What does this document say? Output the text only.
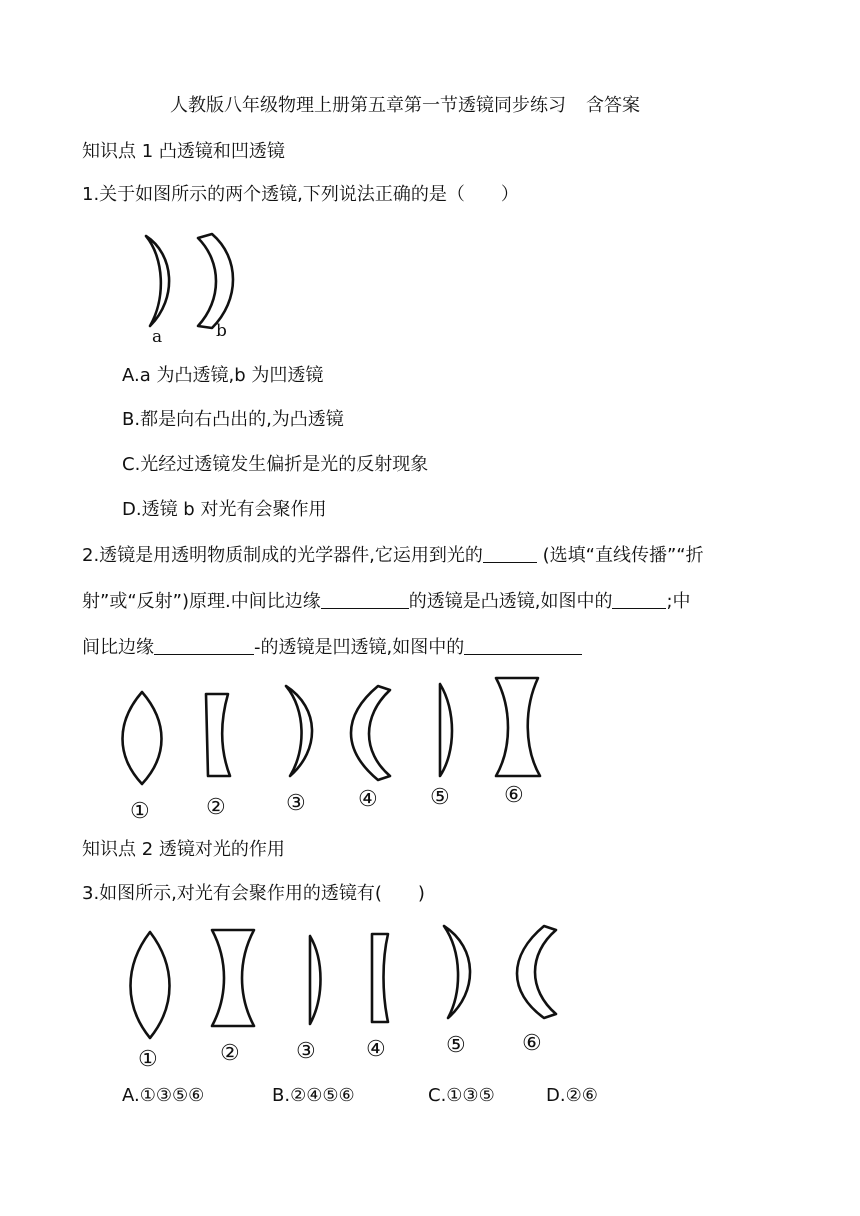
人教版八年级物理上册第五章第一节透镜同步练习 含答案
知识点 1 凸透镜和凹透镜
1.关于如图所示的两个透镜,下列说法正确的是（　　）
a	b
A.a 为凸透镜,b 为凹透镜
B.都是向右凸出的,为凸透镜
C.光经过透镜发生偏折是光的反射现象
D.透镜 b 对光有会聚作用
2.透镜是用透明物质制成的光学器件,它运用到光的	(选填“直线传播”“折
射”或“反射”)原理.中间比边缘	的透镜是凸透镜,如图中的	;中
间比边缘	-的透镜是凹透镜,如图中的
①	②	③ ④ ⑤ ⑥
知识点 2 透镜对光的作用
3.如图所示,对光有会聚作用的透镜有(　　)
①	②	③ ④	⑤	⑥
A.①③⑤⑥	B.②④⑤⑥	C.①③⑤	D.②⑥
